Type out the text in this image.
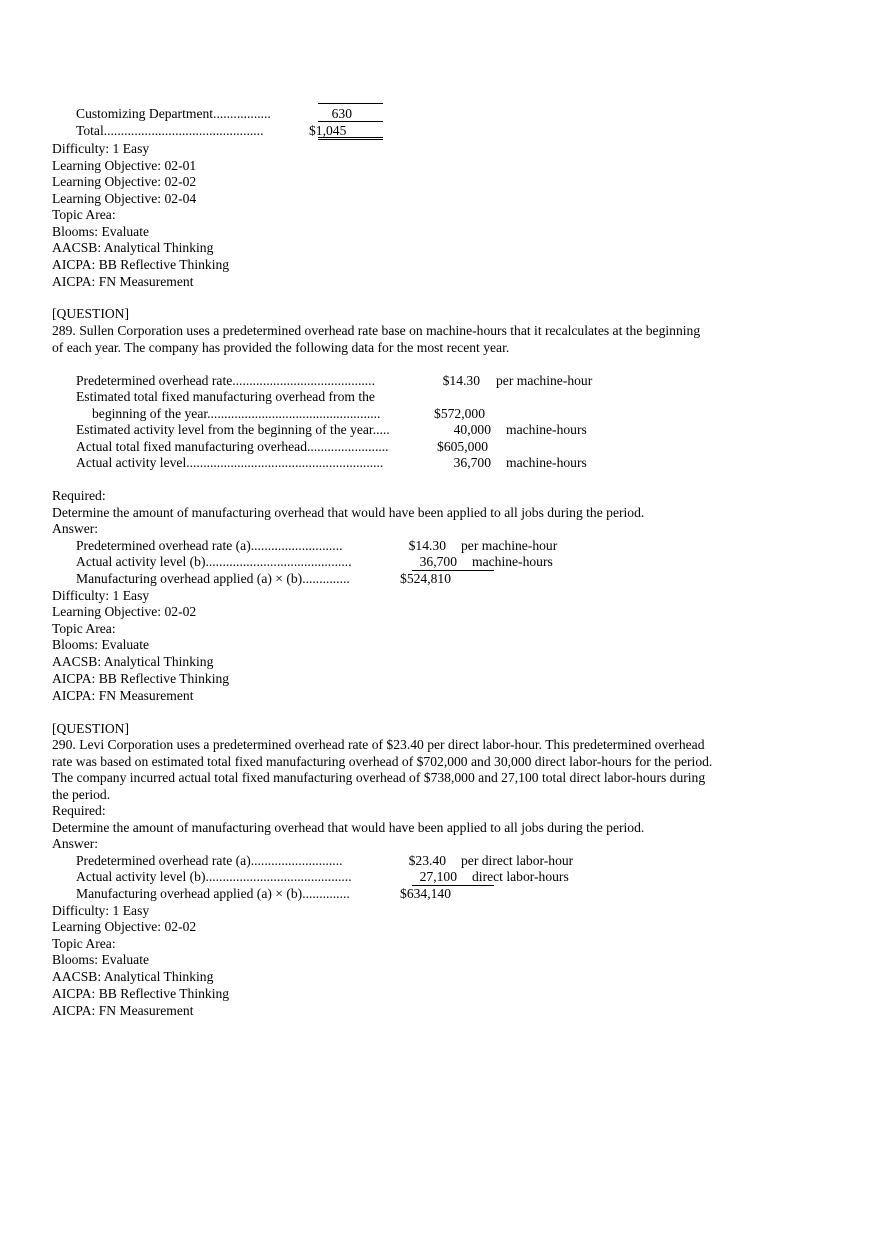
Customizing Department.................	630
Total...............................................	$1,045
Difficulty: 1 Easy
Learning Objective: 02-01
Learning Objective: 02-02
Learning Objective: 02-04
Topic Area:
Blooms: Evaluate
AACSB: Analytical Thinking
AICPA: BB Reflective Thinking
AICPA: FN Measurement
[QUESTION]
289. Sullen Corporation uses a predetermined overhead rate base on machine-hours that it recalculates at the beginning
of each year. The company has provided the following data for the most recent year.
Predetermined overhead rate..........................................	$14.30 per machine-hour
Estimated total fixed manufacturing overhead from the
beginning of the year...................................................	$572,000
Estimated activity level from the beginning of the year.....	40,000 machine-hours
Actual total fixed manufacturing overhead........................	$605,000
Actual activity level..........................................................	36,700 machine-hours
Required:
Determine the amount of manufacturing overhead that would have been applied to all jobs during the period.
Answer:
Predetermined overhead rate (a)...........................	$14.30 per machine-hour
Actual activity level (b)...........................................	36,700 machine-hours
Manufacturing overhead applied (a) × (b)..............	$524,810
Difficulty: 1 Easy
Learning Objective: 02-02
Topic Area:
Blooms: Evaluate
AACSB: Analytical Thinking
AICPA: BB Reflective Thinking
AICPA: FN Measurement
[QUESTION]
290. Levi Corporation uses a predetermined overhead rate of $23.40 per direct labor-hour. This predetermined overhead
rate was based on estimated total fixed manufacturing overhead of $702,000 and 30,000 direct labor-hours for the period.
The company incurred actual total fixed manufacturing overhead of $738,000 and 27,100 total direct labor-hours during
the period.
Required:
Determine the amount of manufacturing overhead that would have been applied to all jobs during the period.
Answer:
Predetermined overhead rate (a)...........................	$23.40 per direct labor-hour
Actual activity level (b)...........................................	27,100 direct labor-hours
Manufacturing overhead applied (a) × (b)..............	$634,140
Difficulty: 1 Easy
Learning Objective: 02-02
Topic Area:
Blooms: Evaluate
AACSB: Analytical Thinking
AICPA: BB Reflective Thinking
AICPA: FN Measurement
